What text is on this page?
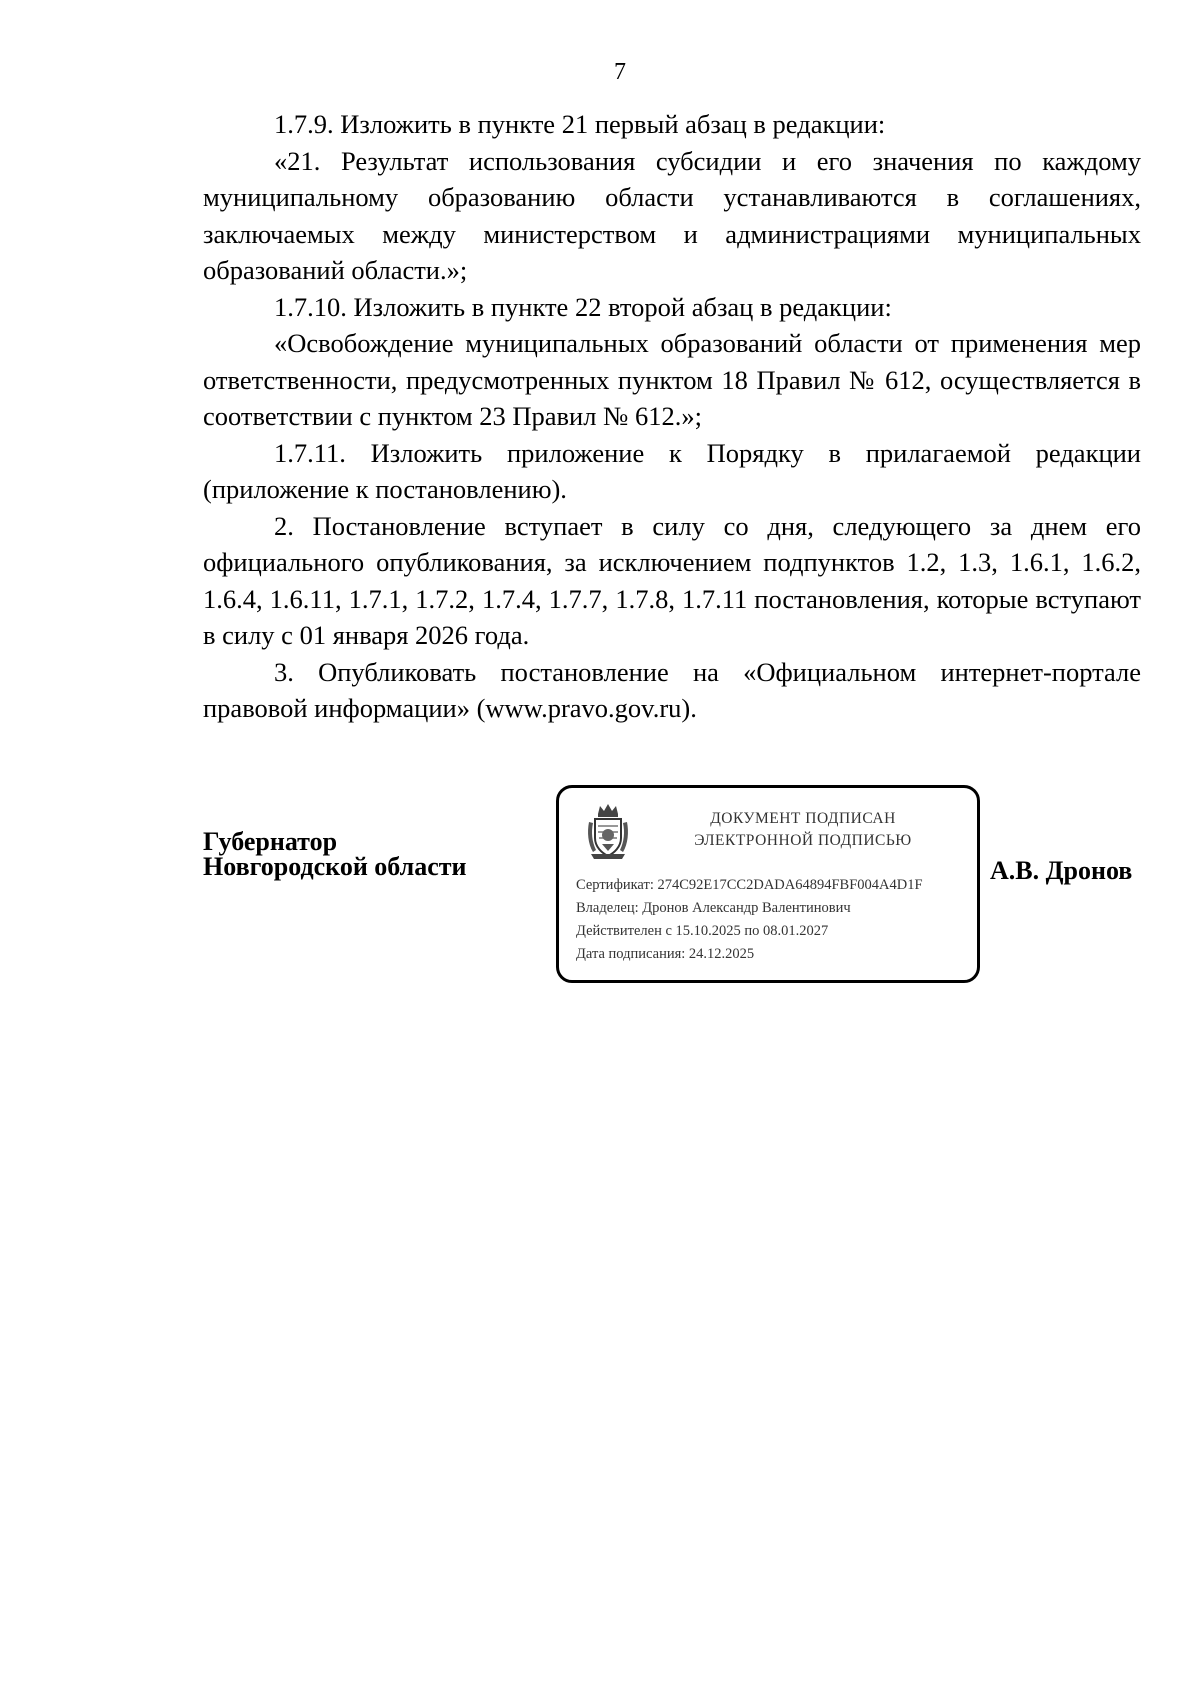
7

1.7.9. Изложить в пункте 21 первый абзац в редакции:

«21. Результат использования субсидии и его значения по каждому муниципальному образованию области устанавливаются в соглашениях, заключаемых между министерством и администрациями муниципальных образований области.»;

1.7.10. Изложить в пункте 22 второй абзац в редакции:

«Освобождение муниципальных образований области от применения мер ответственности, предусмотренных пунктом 18 Правил № 612, осуществляется в соответствии с пунктом 23 Правил № 612.»;

1.7.11. Изложить приложение к Порядку в прилагаемой редакции (приложение к постановлению).

2. Постановление вступает в силу со дня, следующего за днем его официального опубликования, за исключением подпунктов 1.2, 1.3, 1.6.1, 1.6.2, 1.6.4, 1.6.11, 1.7.1, 1.7.2, 1.7.4, 1.7.7, 1.7.8, 1.7.11 постановления, которые вступают в силу с 01 января 2026 года.

3. Опубликовать постановление на «Официальном интернет-портале правовой информации» (www.pravo.gov.ru).

Губернатор
Новгородской области
ДОКУМЕНТ ПОДПИСАН
ЭЛЕКТРОННОЙ ПОДПИСЬЮ
Сертификат: 274C92E17CC2DADA64894FBF004A4D1F
Владелец: Дронов Александр Валентинович
Действителен с 15.10.2025 по 08.01.2027
Дата подписания: 24.12.2025
А.В. Дронов
